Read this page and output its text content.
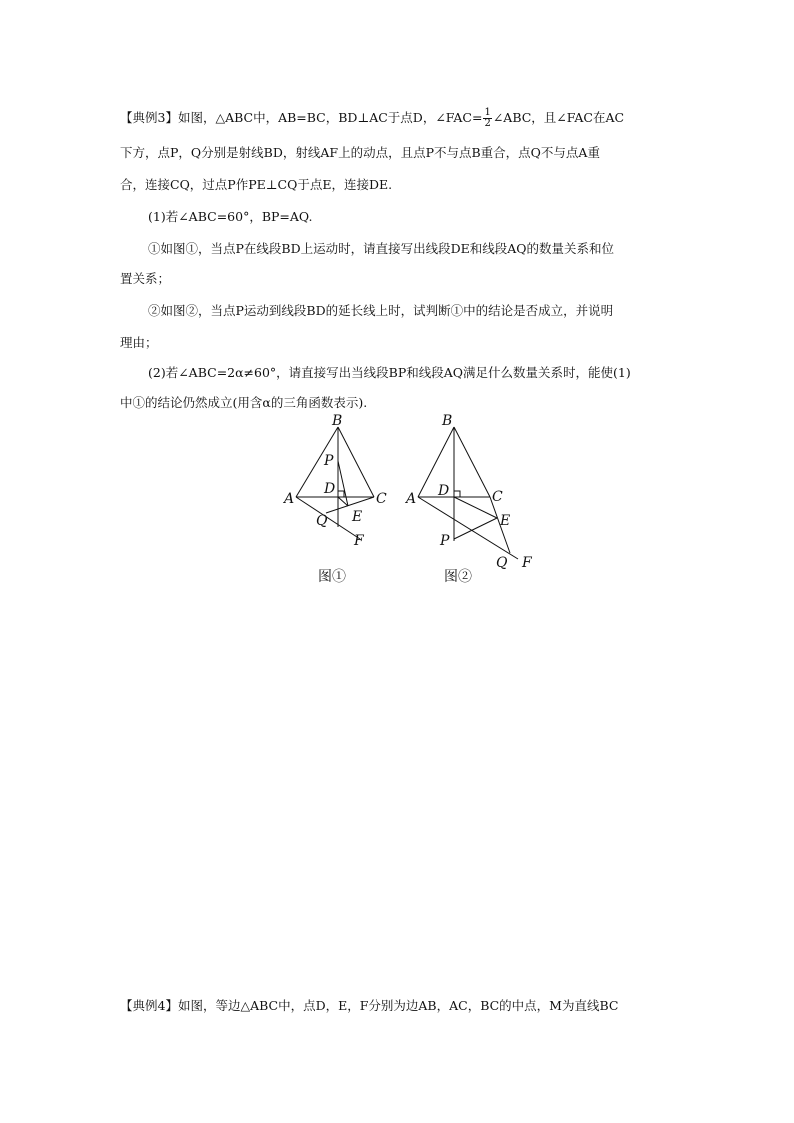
【典例3】如图，△ABC中，AB=BC，BD⊥AC于点D，∠FAC= $\frac{1}{2}$ ∠ABC，且∠FAC在AC
下方，点P，Q分别是射线BD，射线AF上的动点，且点P不与点B重合，点Q不与点A重
合，连接CQ，过点P作PE⊥CQ于点E，连接DE.
(1)若∠ABC=60°，BP=AQ.
①如图①，当点P在线段BD上运动时，请直接写出线段DE和线段AQ的数量关系和位
置关系；
②如图②，当点P运动到线段BD的延长线上时，试判断①中的结论是否成立，并说明
理由；
(2)若∠ABC=2α≠60°，请直接写出当线段BP和线段AQ满足什么数量关系时，能使(1)
中①的结论仍然成立(用含α的三角函数表示).
B
P
D
A	C
Q E
F
图①
B
A D	C
E
P
Q F
图②
【典例4】如图，等边△ABC中，点D，E，F分别为边AB，AC，BC的中点，M为直线BC
